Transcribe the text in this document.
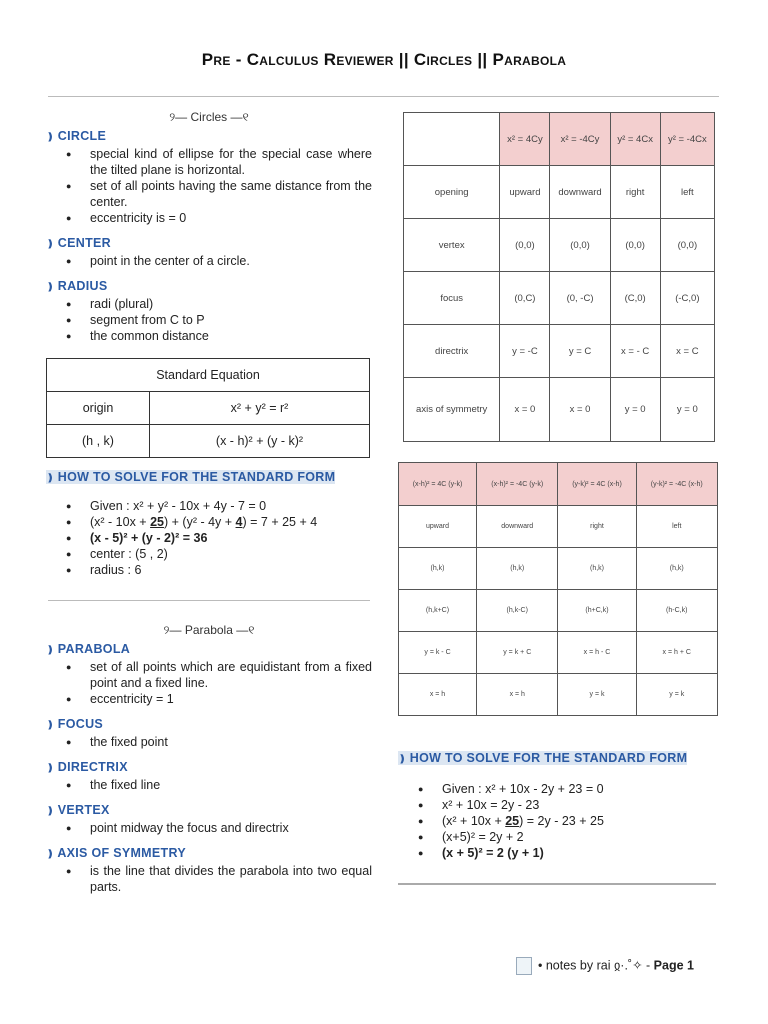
Pre - Calculus Reviewer || Circles || Parabola
୨— Circles —୧
❫ CIRCLE
● special kind of ellipse for the special case where the tilted plane is horizontal.
● set of all points having the same distance from the center.
● eccentricity is = 0
❫ CENTER
● point in the center of a circle.
❫ RADIUS
● radi (plural)
● segment from C to P
● the common distance
Standard Equation	
origin	x² + y² = r²
(h , k)	(x - h)² + (y - k)²
❫ HOW TO SOLVE FOR THE STANDARD FORM
● Given : x² + y² - 10x + 4y - 7 = 0
● (x² - 10x + 25) + (y² - 4y + 4) = 7 + 25 + 4
● (x - 5)² + (y - 2)² = 36
● center : (5 , 2)
● radius : 6
୨— Parabola —୧
❫ PARABOLA
● set of all points which are equidistant from a fixed point and a fixed line.
● eccentricity = 1
❫ FOCUS
● the fixed point
❫ DIRECTRIX
● the fixed line
❫ VERTEX
● point midway the focus and directrix
❫ AXIS OF SYMMETRY
● is the line that divides the parabola into two equal parts.
	x² = 4Cy	x² = -4Cy	y² = 4Cx	y² = -4Cx
opening	upward	downward	right	left
vertex	(0,0)	(0,0)	(0,0)	(0,0)
focus	(0,C)	(0, -C)	(C,0)	(-C,0)
directrix	y = -C	y = C	x = - C	x = C
axis of symmetry	x = 0	x = 0	y = 0	y = 0
(x-h)² = 4C (y-k)	(x-h)² = -4C (y-k)	(y-k)² = 4C (x-h)	(y-k)² = -4C (x-h)
upward	downward	right	left
(h,k)	(h,k)	(h,k)	(h,k)
(h,k+C)	(h,k-C)	(h+C,k)	(h-C,k)
y = k - C	y = k + C	x = h - C	x = h + C
x = h	x = h	y = k	y = k
❫ HOW TO SOLVE FOR THE STANDARD FORM
● Given : x² + 10x - 2y + 23 = 0
● x² + 10x = 2y - 23
● (x² + 10x + 25) = 2y - 23 + 25
● (x+5)² = 2y + 2
● (x + 5)² = 2 (y + 1)
• notes by rai ჲ·.˚✧ - Page 1
